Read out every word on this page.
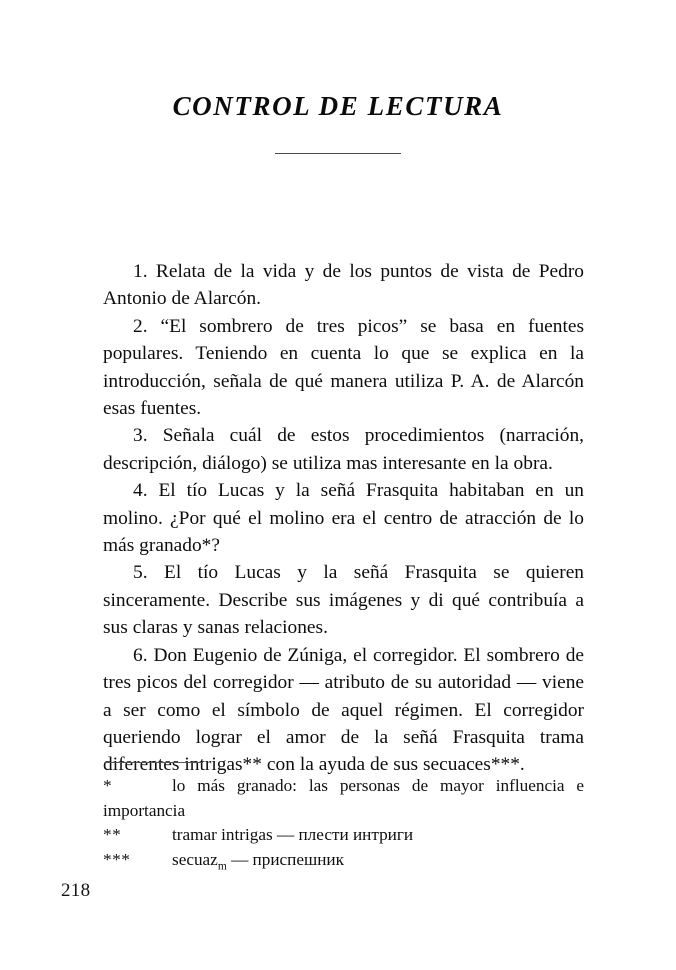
CONTROL DE LECTURA

1. Relata de la vida y de los puntos de vista de Pedro Antonio de Alarcón.

2. “El sombrero de tres picos” se basa en fuentes populares. Teniendo en cuenta lo que se explica en la introducción, señala de qué manera utiliza P. A. de Alarcón esas fuentes.

3. Señala cuál de estos procedimientos (narración, descripción, diálogo) se utiliza mas interesante en la obra.

4. El tío Lucas y la señá Frasquita habitaban en un molino. ¿Por qué el molino era el centro de atracción de lo más granado*?

5. El tío Lucas y la señá Frasquita se quieren sinceramente. Describe sus imágenes y di qué contribuía a sus claras y sanas relaciones.

6. Don Eugenio de Zúniga, el corregidor. El sombrero de tres picos del corregidor — atributo de su autoridad — viene a ser como el símbolo de aquel régimen. El corregidor queriendo lograr el amor de la señá Frasquita trama diferentes intrigas** con la ayuda de sus secuaces***.

*	lo más granado: las personas de mayor influencia e importancia

**	tramar intrigas — плести интриги

*** secuaz$_m$ — приспешник

218
